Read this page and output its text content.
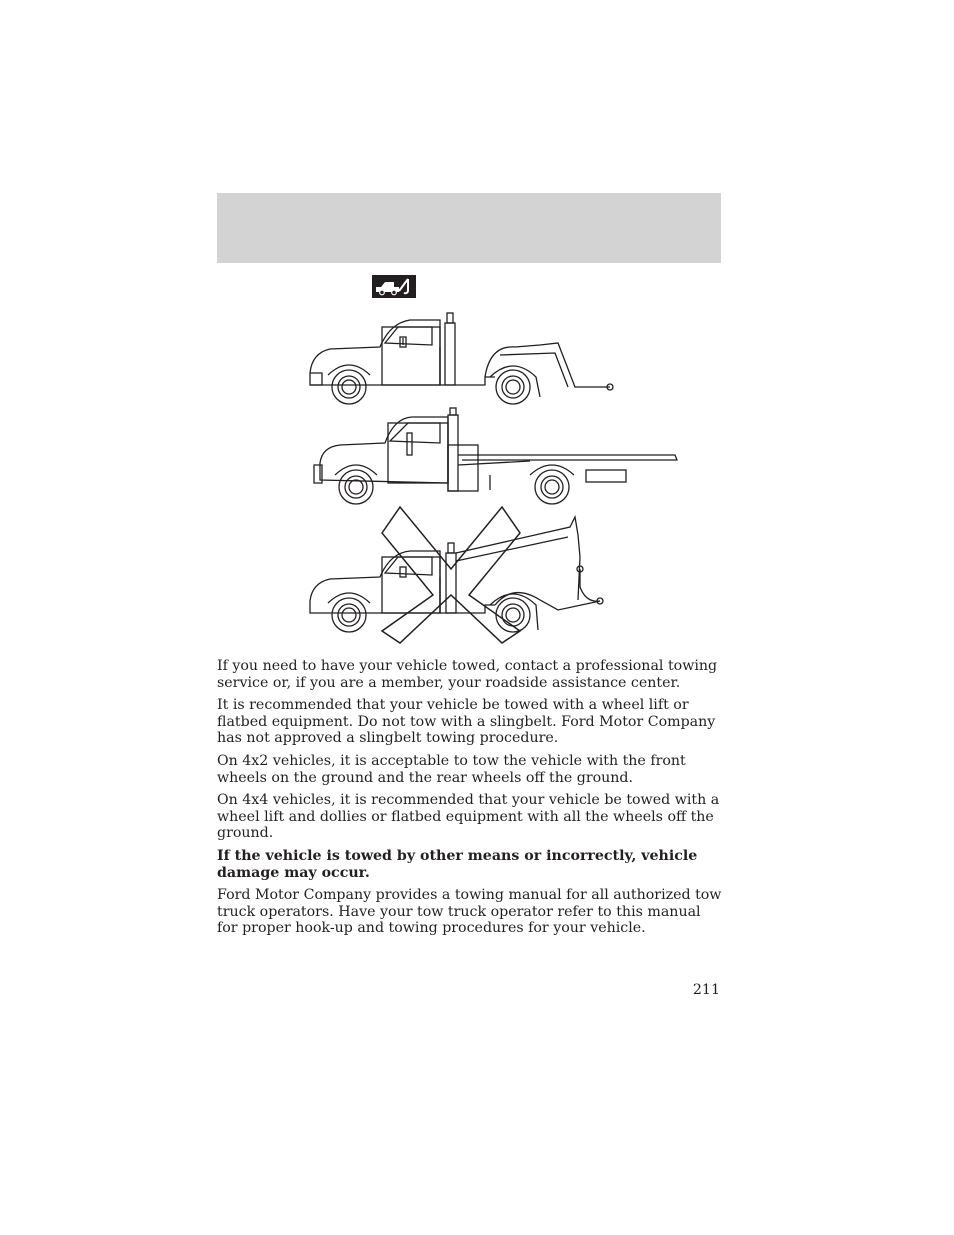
If you need to have your vehicle towed, contact a professional towing service or, if you are a member, your roadside assistance center.

It is recommended that your vehicle be towed with a wheel lift or flatbed equipment. Do not tow with a slingbelt. Ford Motor Company has not approved a slingbelt towing procedure.

On 4x2 vehicles, it is acceptable to tow the vehicle with the front wheels on the ground and the rear wheels off the ground.

On 4x4 vehicles, it is recommended that your vehicle be towed with a wheel lift and dollies or flatbed equipment with all the wheels off the ground.

If the vehicle is towed by other means or incorrectly, vehicle damage may occur.

Ford Motor Company provides a towing manual for all authorized tow truck operators. Have your tow truck operator refer to this manual for proper hook-up and towing procedures for your vehicle.

211
